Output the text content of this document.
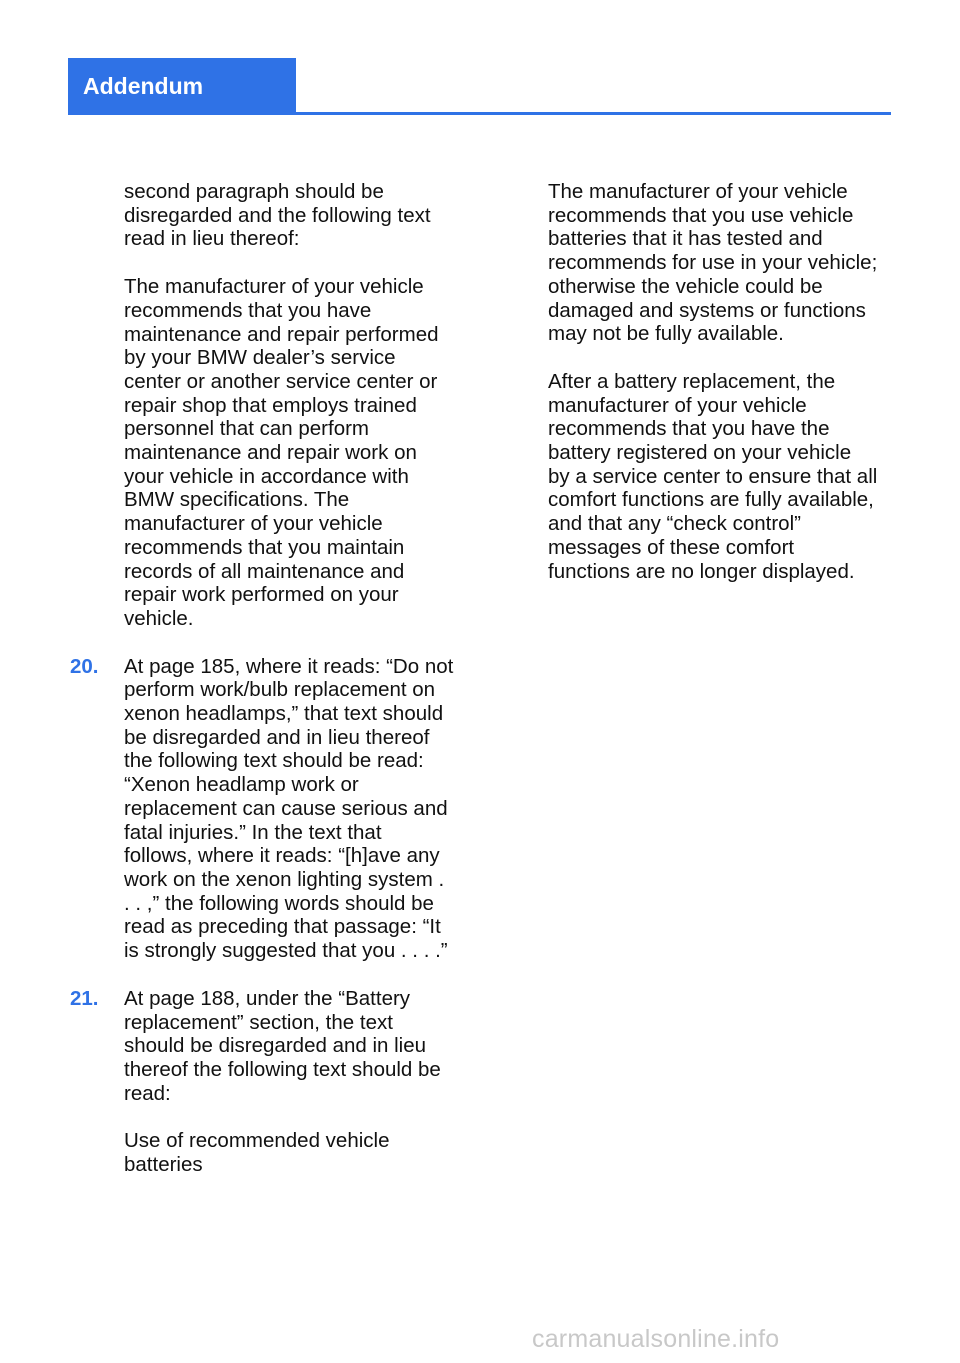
Addendum

second paragraph should be
disregarded and the following text
read in lieu thereof:

The manufacturer of your vehicle
recommends that you have
maintenance and repair performed
by your BMW dealer’s service
center or another service center or
repair shop that employs trained
personnel that can perform
maintenance and repair work on
your vehicle in accordance with
BMW specifications. The
manufacturer of your vehicle
recommends that you maintain
records of all maintenance and
repair work performed on your
vehicle.

20. At page 185, where it reads: “Do not
perform work/bulb replacement on
xenon headlamps,” that text should
be disregarded and in lieu thereof
the following text should be read:
“Xenon headlamp work or
replacement can cause serious and
fatal injuries.” In the text that
follows, where it reads: “[h]ave any
work on the xenon lighting system .
. . ,” the following words should be
read as preceding that passage: “It
is strongly suggested that you . . . .”
21. At page 188, under the “Battery
replacement” section, the text
should be disregarded and in lieu
thereof the following text should be
read:

Use of recommended vehicle
batteries

The manufacturer of your vehicle
recommends that you use vehicle
batteries that it has tested and
recommends for use in your vehicle;
otherwise the vehicle could be
damaged and systems or functions
may not be fully available.

After a battery replacement, the
manufacturer of your vehicle
recommends that you have the
battery registered on your vehicle
by a service center to ensure that all
comfort functions are fully available,
and that any “check control”
messages of these comfort
functions are no longer displayed.

carmanualsonline.info
